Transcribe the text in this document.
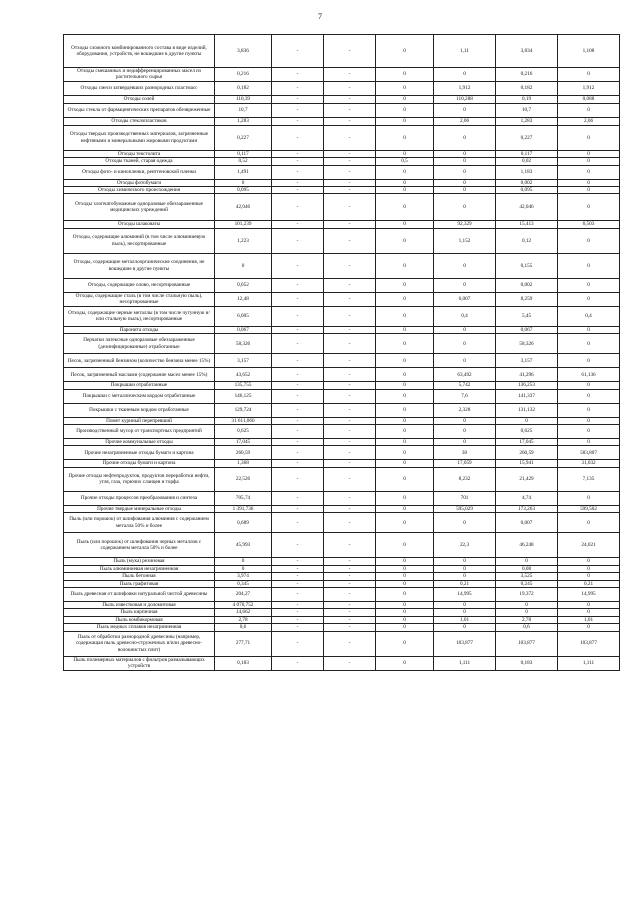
7
Отходы сложного комбинированного состава в виде изделий, оборудования, устройств, не вошедшие в другие пункты	3,836	-	-	0	1,11	3,834	1,108
Отходы смешанных и недифференцированных масел из растительного сырья	0,216	-	-	0	0	0,216	0
Отходы смеси затвердевших разнородных пластмасс	0,182	-	-	0	1,912	0,182	1,912
Отходы солей	110,39	-	-	0	110,288	0,19	0,088
Отходы стекла от фармацевтических препаратов обезвреженные	10,7	-	-	0	0	10,7	0
Отходы стеклопластиков	1,283	-	-	0	2,06	1,283	2,06
Отходы твердых производственных материалов, загрязненные нефтяными и минеральными жировыми продуктами	0,227	-	-	0	0	0,227	0
Отходы текстолита	0,117	-	-	0	0	0,117	0
Отходы тканей, старая одежда	0,52	-	-	0,5	0	0,02	0
Отходы фото- и кинопленки, рентгеновской пленки	1,491	-	-	0	0	1,183	0
Отходы фотобумаги	0	-	-	0	0	0,002	0
Отходы химического происхождения	0,095	-	-	0	0	0,095	0
Отходы хлопчатобумажные одноразовые обеззараженные медицинских учреждений	42,046	-	-	0	0	42,046	0
Отходы шлаковаты	101,239	-	-	0	92,329	15,413	6,503
Отходы, содержащие алюминий (в том числе алюминиевую пыль), несортированные	1,223	-	-	0	1,152	0,12	0
Отходы, содержащие металлоорганические соединения, не вошедшие в другие пункты	0	-	-	0	0	0,155	0
Отходы, содержащие олово, несортированные	0,052	-	-	0	0	0,002	0
Отходы, содержащие сталь (в том числе стальную пыль), несортированные	12,48	-	-	0	6,007	8,259	0
Отходы, содержащие черные металлы (в том числе чугунную и/или стальную пыль), несортированные	6,005	-	-	0	0,4	5,45	0,4
Паронита отходы	0,067	-	-	0	0	0,067	0
Перчатки латексные одноразовые обеззараженные (дезинфицированные) отработанные	58,326	-	-	0	0	58,326	0
Песок, загрязненный бензином (количество бензина менее 15%)	3,157	-	-	0	0	3,157	0
Песок, загрязненный маслами (содержание масел менее 15%)	43,652	-	-	0	63,492	41,296	61,136
Покрышки отработанные	135,755	-	-	0	5,742	136,253	0
Покрышки с металлическим кордом отработанные	146,125	-	-	0	7,6	141,337	0
Покрышки с тканевым кордом отработанные	129,724	-	-	0	2,328	131,132	0
Помет куриный перепревший	31 611,060	-	-	0	0	0	0
Производственный мусор от транспортных предприятий	0,625	-	-	0	0	0,625	0
Прочие коммунальные отходы	17,045	-	-	0	0	17,045	0
Прочие незагрязненные отходы бумаги и картона	260,59	-	-	0	30	260,59	583,807
Прочие отходы бумаги и картона	1,368	-	-	0	17,059	15,941	31,032
Прочие отходы нефтепродуктов, продуктов переработки нефти, угля, газа, горючих сланцев и торфа	22,526	-	-	0	8,232	21,429	7,135
Прочие отходы процессов преобразования и синтеза	705,74	-	-	0	701	4,74	0
Прочие твердые минеральные отходы	1 391,736	-	-	0	595,029	173,263	599,502
Пыль (или порошок) от шлифования алюминия с содержанием металла 50% и более	0,689	-	-	0	0	0,007	0
Пыль (или порошок) от шлифования черных металлов с содержанием металла 50% и более	45,993	-	-	0	22,3	46,248	24,021
Пыль (мука) резиновая	0	-	-	0	0	0	0
Пыль алюминиевая незагрязненная	0	-	-	0	0	0,08	0
Пыль бетонная	3,974	-	-	0	0	3,525	0
Пыль графитовая	0,345	-	-	0	0,21	0,245	0,21
Пыль древесная от шлифовки натуральной чистой древесины	204,27	-	-	0	14,995	19,372	14,995
Пыль известковая и доломитовая	4 070,752	-	-	0	0	0	0
Пыль кирпичная	14,662	-	-	0	0	0	0
Пыль комбикормовая	2,78	-	-	0	1,01	2,78	1,01
Пыль медных сплавов незагрязненная	0,6	-	-	0	0	0,6	0
Пыль от обработки разнородной древесины (например, содержащая пыль древесно-стружечных и/или древесно-волокнистых плит)	277,71	-	-	0	103,877	103,877	103,877
Пыль полимерных материалов с фильтров размалывающих устройств	0,183	-	-	0	1,111	0,183	1,111
